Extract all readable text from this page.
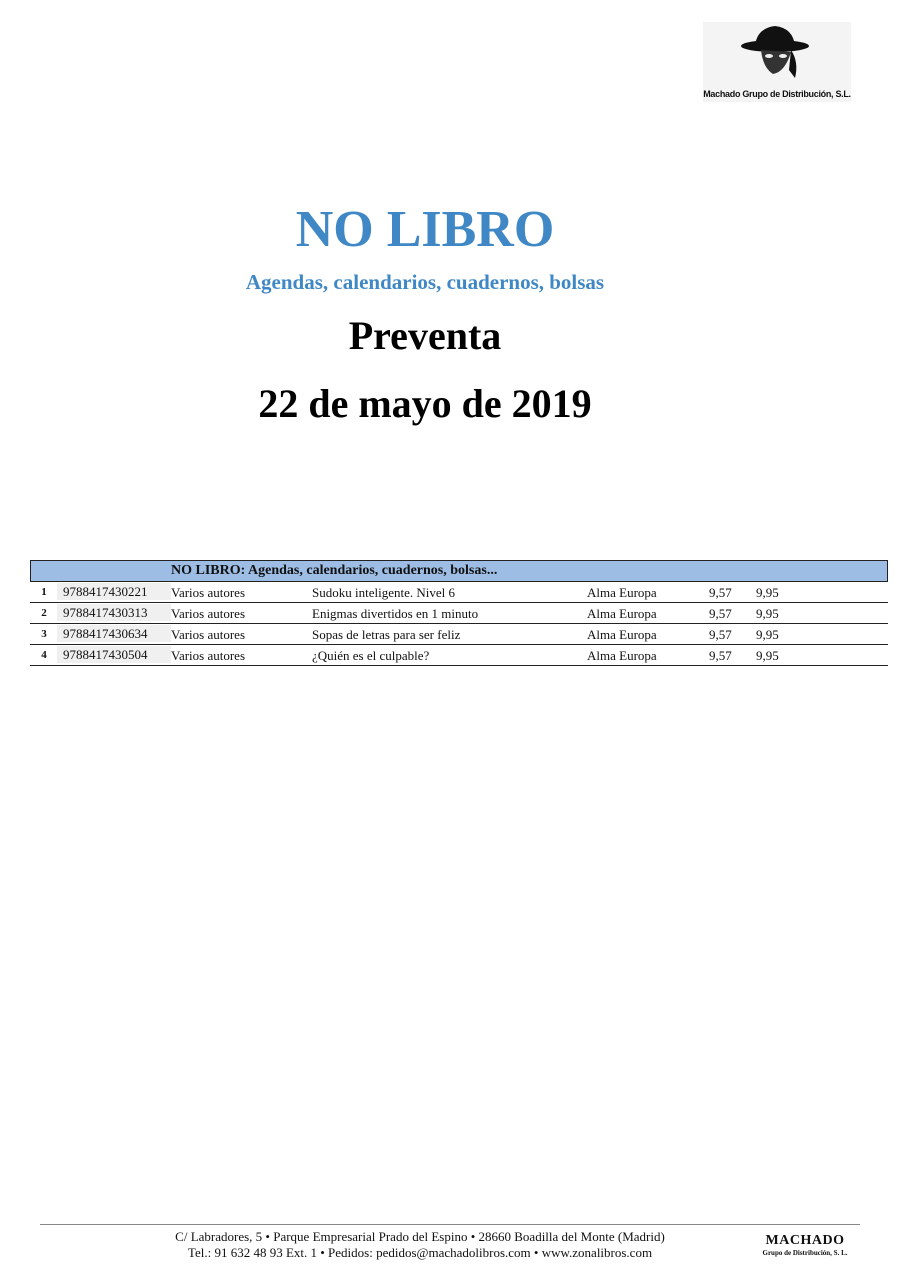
Machado Grupo de Distribución, S.L.
NO LIBRO
Agendas, calendarios, cuadernos, bolsas
Preventa
22 de mayo de 2019
NO LIBRO: Agendas, calendarios, cuadernos, bolsas...
1	9788417430221	Varios autores	Sudoku inteligente. Nivel 6	Alma Europa	9,57 9,95
2	9788417430313	Varios autores	Enigmas divertidos en 1 minuto	Alma Europa	9,57 9,95
3	9788417430634	Varios autores	Sopas de letras para ser feliz	Alma Europa	9,57 9,95
4	9788417430504	Varios autores	¿Quién es el culpable?	Alma Europa	9,57 9,95
C/ Labradores, 5 • Parque Empresarial Prado del Espino • 28660 Boadilla del Monte (Madrid)
Tel.: 91 632 48 93 Ext. 1 • Pedidos: pedidos@machadolibros.com • www.zonalibros.com
MACHADO
Grupo de Distribución, S. L.
